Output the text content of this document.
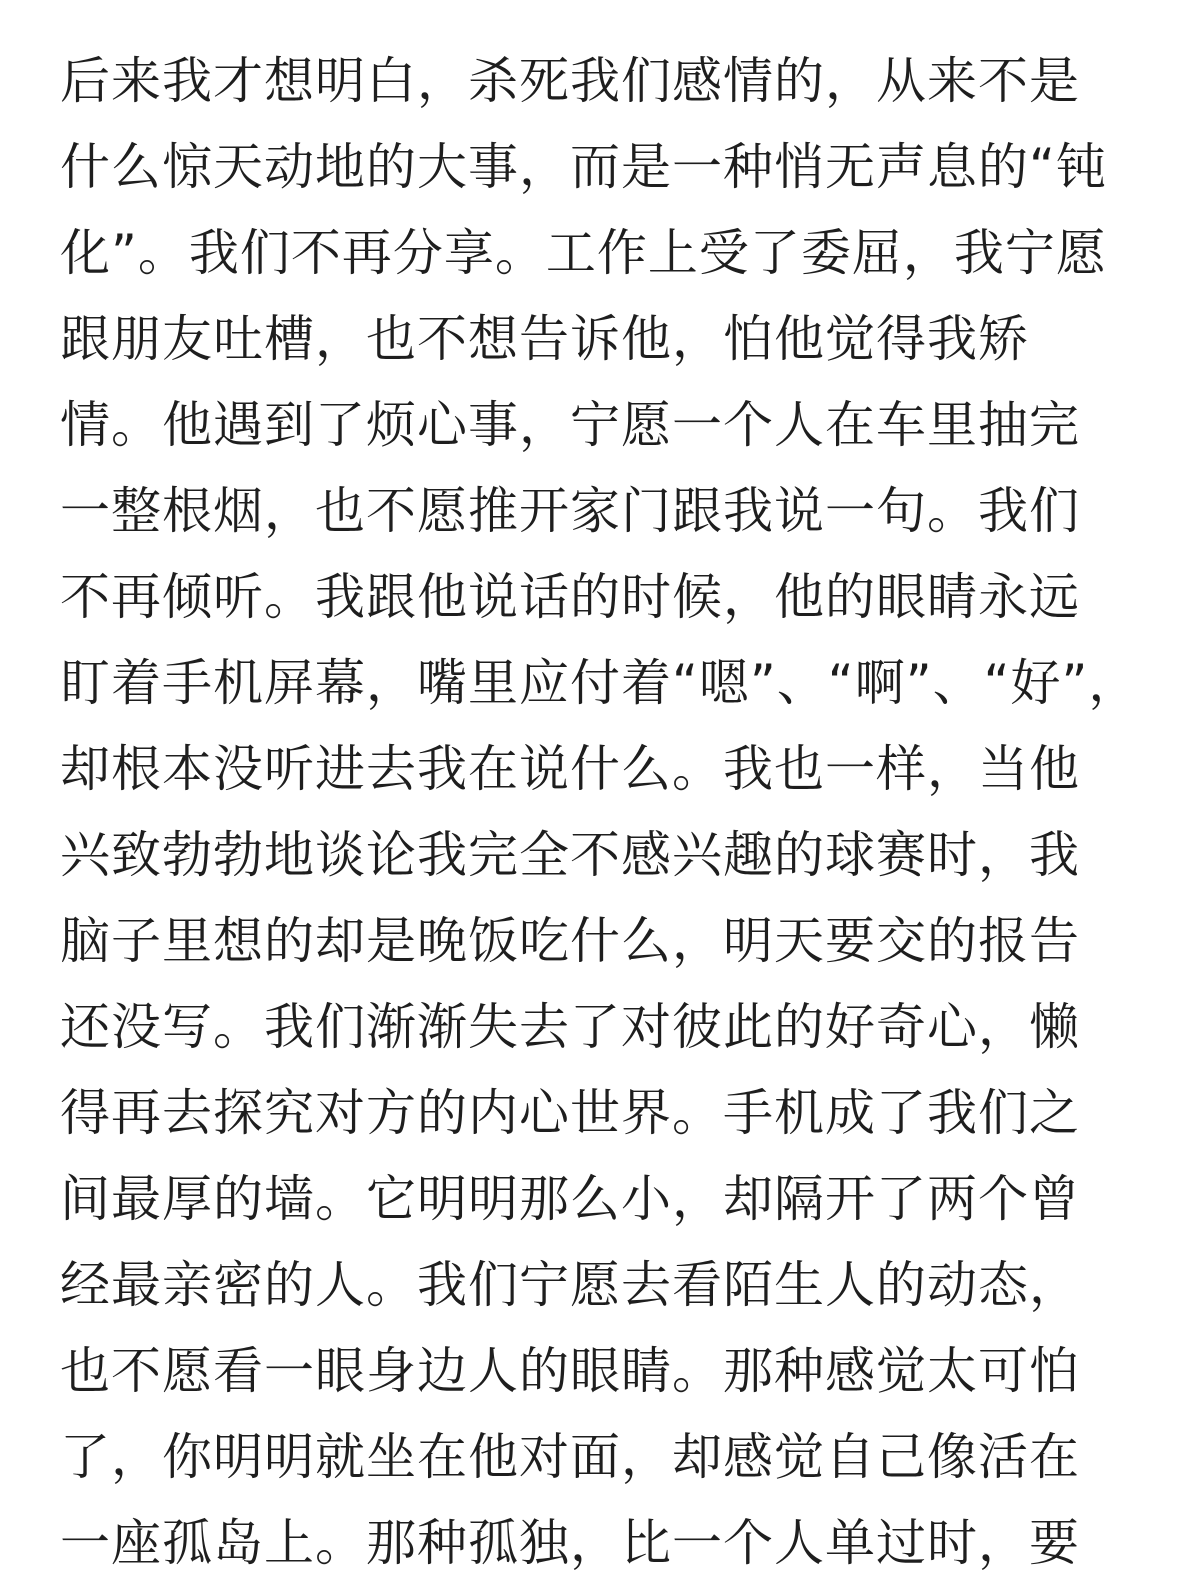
后来我才想明白，杀死我们感情的，从来不是
什么惊天动地的大事，而是一种悄无声息的“钝
化”。我们不再分享。工作上受了委屈，我宁愿
跟朋友吐槽，也不想告诉他，怕他觉得我矫
情。他遇到了烦心事，宁愿一个人在车里抽完
一整根烟，也不愿推开家门跟我说一句。我们
不再倾听。我跟他说话的时候，他的眼睛永远
盯着手机屏幕，嘴里应付着“嗯”、“啊”、“好”，
却根本没听进去我在说什么。我也一样，当他
兴致勃勃地谈论我完全不感兴趣的球赛时，我
脑子里想的却是晚饭吃什么，明天要交的报告
还没写。我们渐渐失去了对彼此的好奇心，懒
得再去探究对方的内心世界。手机成了我们之
间最厚的墙。它明明那么小，却隔开了两个曾
经最亲密的人。我们宁愿去看陌生人的动态，
也不愿看一眼身边人的眼睛。那种感觉太可怕
了，你明明就坐在他对面，却感觉自己像活在
一座孤岛上。那种孤独，比一个人单过时，要
